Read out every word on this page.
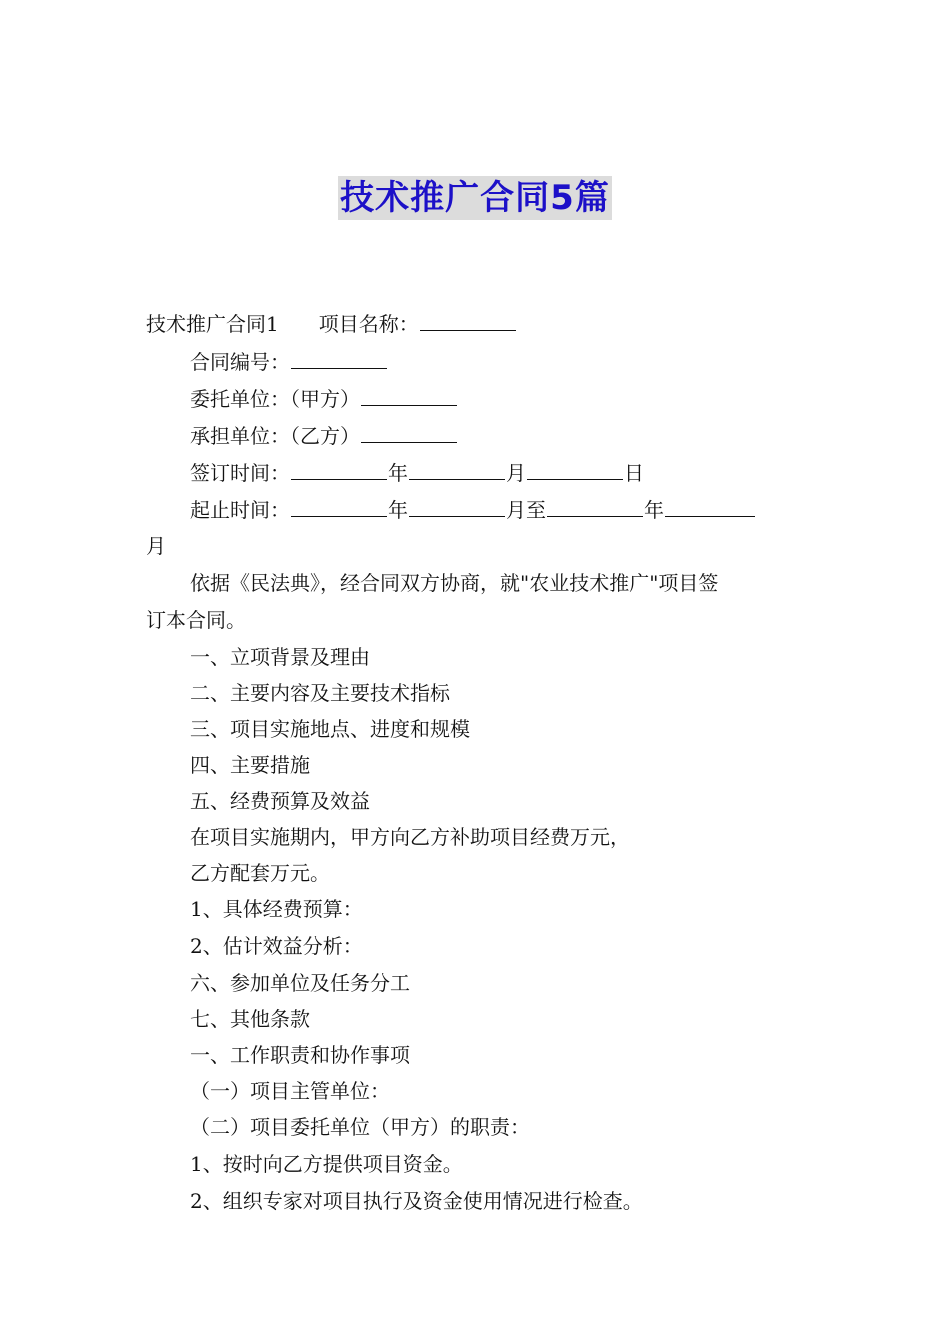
技术推广合同5篇
技术推广合同1 项目名称：
合同编号：
委托单位：（甲方）
承担单位：（乙方）
签订时间：	年	月	日
起止时间：	年	月至	年
月
依据《民法典》，经合同双方协商，就"农业技术推广"项目签
订本合同。
一、立项背景及理由
二、主要内容及主要技术指标
三、项目实施地点、进度和规模
四、主要措施
五、经费预算及效益
在项目实施期内，甲方向乙方补助项目经费万元，
乙方配套万元。
1、具体经费预算：
2、估计效益分析：
六、参加单位及任务分工
七、其他条款
一、工作职责和协作事项
（一）项目主管单位：
（二）项目委托单位（甲方）的职责：
1、按时向乙方提供项目资金。
2、组织专家对项目执行及资金使用情况进行检查。
